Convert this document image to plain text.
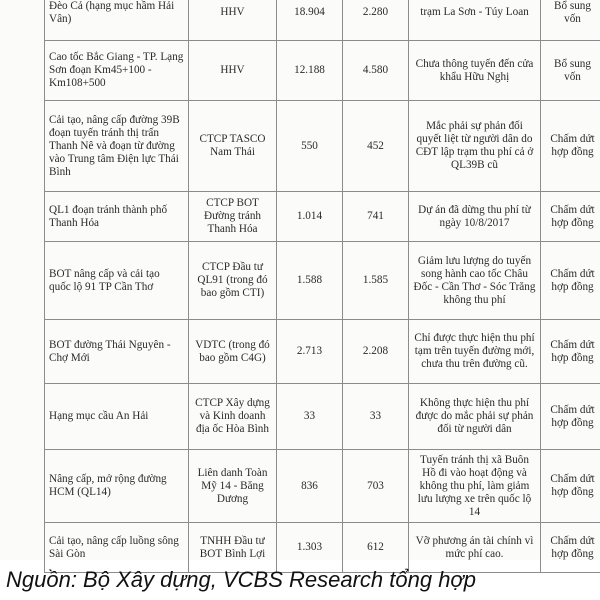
Đèo Cả (hạng mục hầm Hải Vân)	HHV	18.904	2.280	trạm La Sơn - Túy Loan	Bổ sung vốn
Cao tốc Bắc Giang - TP. Lạng Sơn đoạn Km45+100 - Km108+500	HHV	12.188	4.580	Chưa thông tuyến đến cửa khẩu Hữu Nghị	Bổ sung vốn
Cải tạo, nâng cấp đường 39B đoạn tuyến tránh thị trấn Thanh Nê và đoạn từ đường vào Trung tâm Điện lực Thái Bình	CTCP TASCO Nam Thái	550	452	Mắc phải sự phản đối quyết liệt từ người dân do CĐT lập trạm thu phí cả ở QL39B cũ	Chấm dứt hợp đồng
QL1 đoạn tránh thành phố Thanh Hóa	CTCP BOT Đường tránh Thanh Hóa	1.014	741	Dự án đã dừng thu phí từ ngày 10/8/2017	Chấm dứt hợp đồng
BOT nâng cấp và cải tạo quốc lộ 91 TP Cần Thơ	CTCP Đầu tư QL91 (trong đó bao gồm CTI)	1.588	1.585	Giảm lưu lượng do tuyến song hành cao tốc Châu Đốc - Cần Thơ - Sóc Trăng không thu phí	Chấm dứt hợp đồng
BOT đường Thái Nguyên - Chợ Mới	VDTC (trong đó bao gồm C4G)	2.713	2.208	Chỉ được thực hiện thu phí tạm trên tuyến đường mới, chưa thu trên đường cũ.	Chấm dứt hợp đồng
Hạng mục cầu An Hải	CTCP Xây dựng và Kinh doanh địa ốc Hòa Bình	33	33	Không thực hiện thu phí được do mắc phải sự phản đối từ người dân	Chấm dứt hợp đồng
Nâng cấp, mở rộng đường HCM (QL14)	Liên danh Toàn Mỹ 14 - Băng Dương	836	703	Tuyến tránh thị xã Buôn Hồ đi vào hoạt động và không thu phí, làm giảm lưu lượng xe trên quốc lộ 14	Chấm dứt hợp đồng
Cải tạo, nâng cấp luồng sông Sài Gòn	TNHH Đầu tư BOT Bình Lợi	1.303	612	Vỡ phương án tài chính vì mức phí cao.	Chấm dứt hợp đồng
Nguồn: Bộ Xây dựng, VCBS Research tổng hợp
